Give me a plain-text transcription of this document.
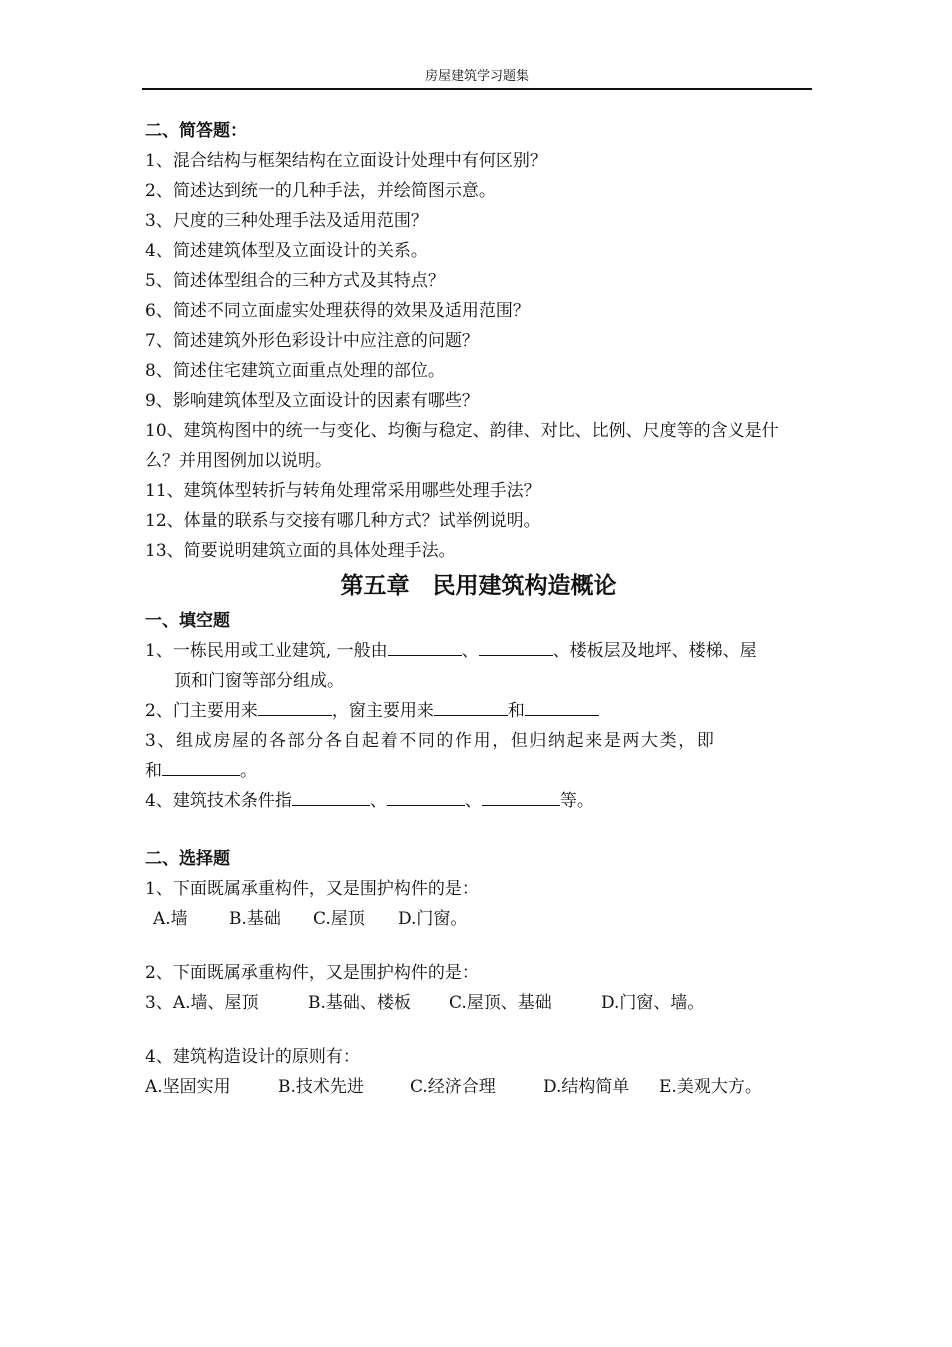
房屋建筑学习题集

二、简答题：

1、混合结构与框架结构在立面设计处理中有何区别？

2、简述达到统一的几种手法，并绘简图示意。

3、尺度的三种处理手法及适用范围？

4、简述建筑体型及立面设计的关系。

5、简述体型组合的三种方式及其特点？

6、简述不同立面虚实处理获得的效果及适用范围？

7、简述建筑外形色彩设计中应注意的问题？

8、简述住宅建筑立面重点处理的部位。

9、影响建筑体型及立面设计的因素有哪些？

10、建筑构图中的统一与变化、均衡与稳定、韵律、对比、比例、尺度等的含义是什么？并用图例加以说明。

11、建筑体型转折与转角处理常采用哪些处理手法？

12、体量的联系与交接有哪几种方式？试举例说明。

13、简要说明建筑立面的具体处理手法。

第五章　民用建筑构造概论

一、填空题

1、一栋民用或工业建筑, 一般由	、	、楼板层及地坪、楼梯、屋

顶和门窗等部分组成。

2、门主要用来	，窗主要用来	和

3、组成房屋的各部分各自起着不同的作用，但归纳起来是两大类，即

和	。

4、建筑技术条件指	、	、	等。

二、选择题

1、下面既属承重构件，又是围护构件的是：

A.墙 B.基础 C.屋顶 D.门窗。

2、下面既属承重构件，又是围护构件的是：

3、A.墙、屋顶	B.基础、楼板 C.屋顶、基础	D.门窗、墙。

4、建筑构造设计的原则有：

A.坚固实用	B.技术先进	C.经济合理	D.结构简单 E.美观大方。
